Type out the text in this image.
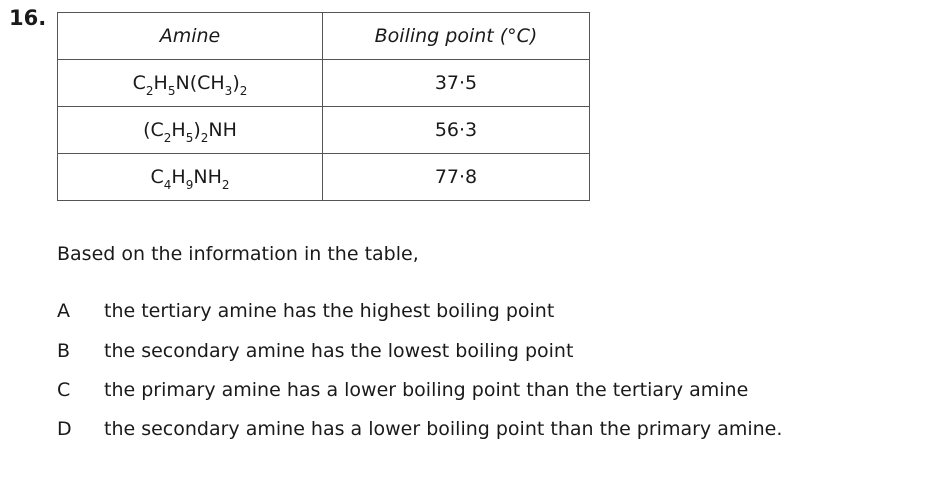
16.
Amine	Boiling point (°C)
$C_2H_5N(CH_3)_2$	37·5
$(C_2H_5)_2NH$	56·3
$C_4H_9NH_2$	77·8
Based on the information in the table,
A the tertiary amine has the highest boiling point
B the secondary amine has the lowest boiling point
C the primary amine has a lower boiling point than the tertiary amine
D the secondary amine has a lower boiling point than the primary amine.
